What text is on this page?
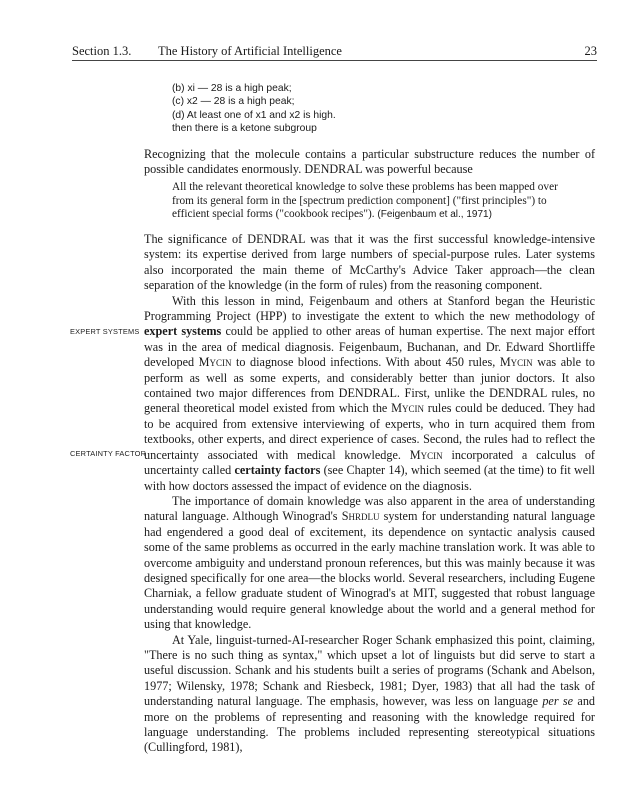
Section 1.3. The History of Artificial Intelligence	23
(b) xi — 28 is a high peak;
(c) x2 — 28 is a high peak;
(d) At least one of x1 and x2 is high.
then there is a ketone subgroup

Recognizing that the molecule contains a particular substructure reduces the number of possible candidates enormously. DENDRAL was powerful because

All the relevant theoretical knowledge to solve these problems has been mapped over from its general form in the [spectrum prediction component] ("first principles") to efficient special forms ("cookbook recipes"). (Feigenbaum et al., 1971)

The significance of DENDRAL was that it was the first successful knowledge-intensive system: its expertise derived from large numbers of special-purpose rules. Later systems also incorporated the main theme of McCarthy's Advice Taker approach—the clean separation of the knowledge (in the form of rules) from the reasoning component.

With this lesson in mind, Feigenbaum and others at Stanford began the Heuristic Programming Project (HPP) to investigate the extent to which the new methodology of expert systems could be applied to other areas of human expertise. The next major effort was in the area of medical diagnosis. Feigenbaum, Buchanan, and Dr. Edward Shortliffe developed Mycin to diagnose blood infections. With about 450 rules, Mycin was able to perform as well as some experts, and considerably better than junior doctors. It also contained two major differences from DENDRAL. First, unlike the DENDRAL rules, no general theoretical model existed from which the Mycin rules could be deduced. They had to be acquired from extensive interviewing of experts, who in turn acquired them from textbooks, other experts, and direct experience of cases. Second, the rules had to reflect the uncertainty associated with medical knowledge. Mycin incorporated a calculus of uncertainty called certainty factors (see Chapter 14), which seemed (at the time) to fit well with how doctors assessed the impact of evidence on the diagnosis.

The importance of domain knowledge was also apparent in the area of understanding natural language. Although Winograd's Shrdlu system for understanding natural language had engendered a good deal of excitement, its dependence on syntactic analysis caused some of the same problems as occurred in the early machine translation work. It was able to overcome ambiguity and understand pronoun references, but this was mainly because it was designed specifically for one area—the blocks world. Several researchers, including Eugene Charniak, a fellow graduate student of Winograd's at MIT, suggested that robust language understanding would require general knowledge about the world and a general method for using that knowledge.

At Yale, linguist-turned-AI-researcher Roger Schank emphasized this point, claiming, "There is no such thing as syntax," which upset a lot of linguists but did serve to start a useful discussion. Schank and his students built a series of programs (Schank and Abelson, 1977; Wilensky, 1978; Schank and Riesbeck, 1981; Dyer, 1983) that all had the task of understanding natural language. The emphasis, however, was less on language per se and more on the problems of representing and reasoning with the knowledge required for language understanding. The problems included representing stereotypical situations (Cullingford, 1981),

EXPERT SYSTEMS
CERTAINTY FACTOR
